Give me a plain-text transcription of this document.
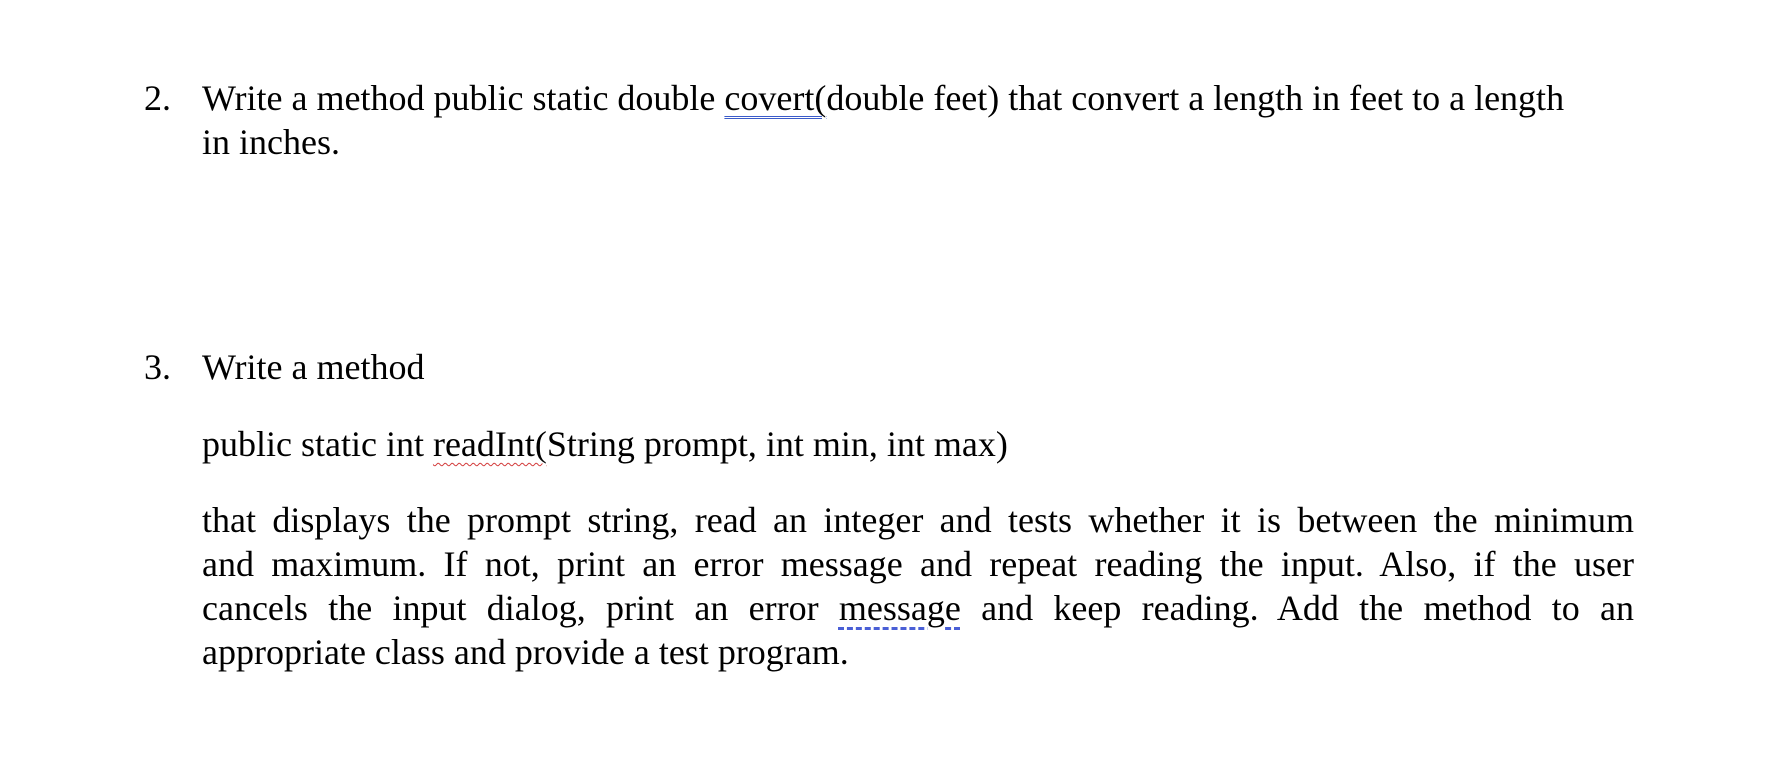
2. Write a method public static double covert(double feet) that convert a length in feet to a length
in inches.
3. Write a method
public static int readInt(String prompt, int min, int max)
that displays the prompt string, read an integer and tests whether it is between the minimum
and maximum. If not, print an error message and repeat reading the input. Also, if the user
cancels the input dialog, print an error message and keep reading. Add the method to an
appropriate class and provide a test program.
